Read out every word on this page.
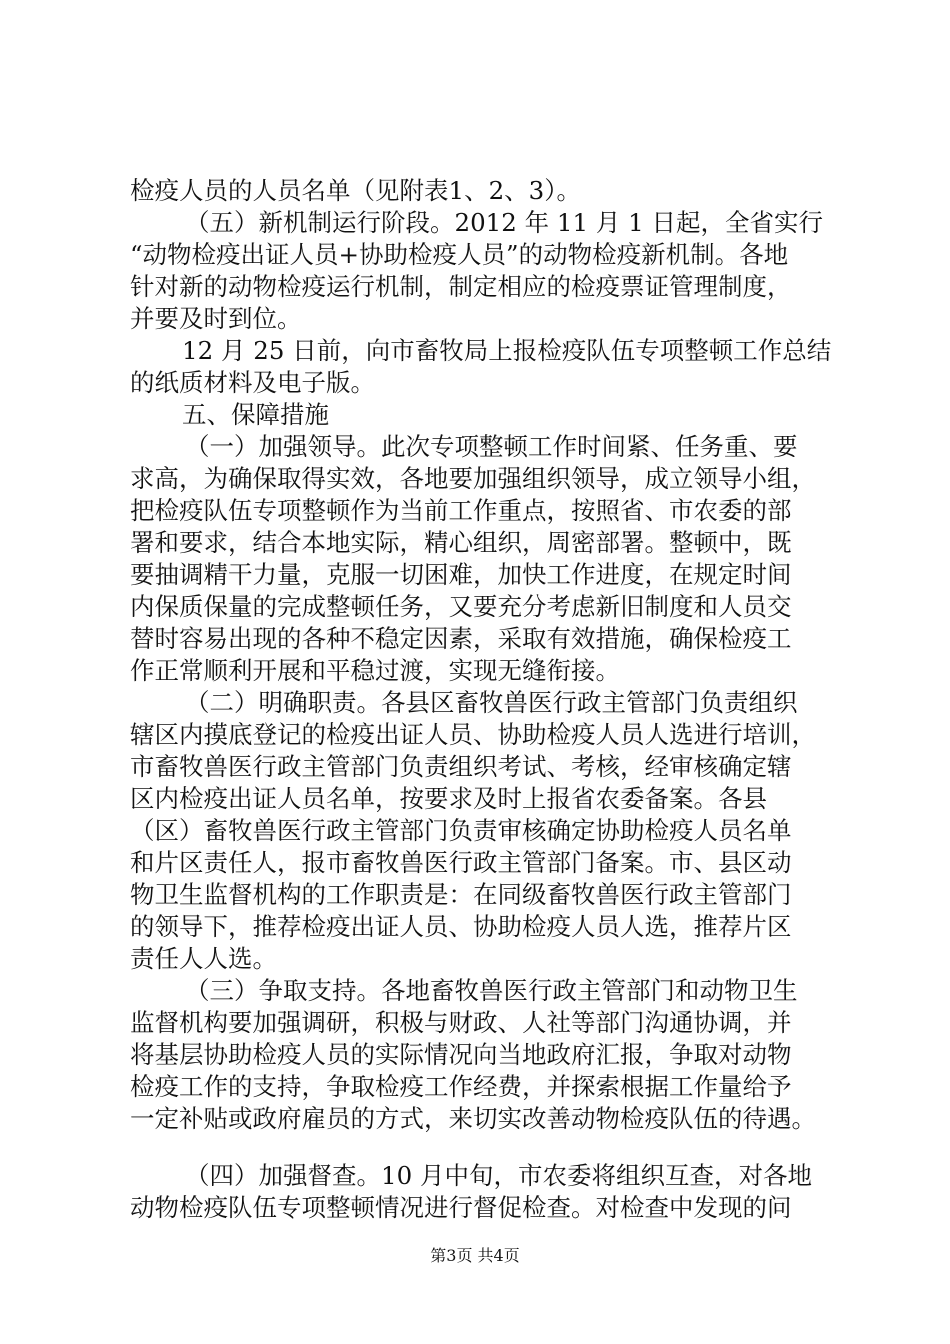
检疫人员的人员名单（见附表1、2、3）。
（五）新机制运行阶段。2012 年 11 月 1 日起，全省实行
“动物检疫出证人员+协助检疫人员”的动物检疫新机制。各地
针对新的动物检疫运行机制，制定相应的检疫票证管理制度，
并要及时到位。
12 月 25 日前，向市畜牧局上报检疫队伍专项整顿工作总结
的纸质材料及电子版。
五、保障措施
（一）加强领导。此次专项整顿工作时间紧、任务重、要
求高，为确保取得实效，各地要加强组织领导，成立领导小组，
把检疫队伍专项整顿作为当前工作重点，按照省、市农委的部
署和要求，结合本地实际，精心组织，周密部署。整顿中，既
要抽调精干力量，克服一切困难，加快工作进度，在规定时间
内保质保量的完成整顿任务，又要充分考虑新旧制度和人员交
替时容易出现的各种不稳定因素，采取有效措施，确保检疫工
作正常顺利开展和平稳过渡，实现无缝衔接。
（二）明确职责。各县区畜牧兽医行政主管部门负责组织
辖区内摸底登记的检疫出证人员、协助检疫人员人选进行培训，
市畜牧兽医行政主管部门负责组织考试、考核，经审核确定辖
区内检疫出证人员名单，按要求及时上报省农委备案。各县
（区）畜牧兽医行政主管部门负责审核确定协助检疫人员名单
和片区责任人，报市畜牧兽医行政主管部门备案。市、县区动
物卫生监督机构的工作职责是：在同级畜牧兽医行政主管部门
的领导下，推荐检疫出证人员、协助检疫人员人选，推荐片区
责任人人选。
（三）争取支持。各地畜牧兽医行政主管部门和动物卫生
监督机构要加强调研，积极与财政、人社等部门沟通协调，并
将基层协助检疫人员的实际情况向当地政府汇报，争取对动物
检疫工作的支持，争取检疫工作经费，并探索根据工作量给予
一定补贴或政府雇员的方式，来切实改善动物检疫队伍的待遇。
（四）加强督查。10 月中旬，市农委将组织互查，对各地
动物检疫队伍专项整顿情况进行督促检查。对检查中发现的问
第3页 共4页
